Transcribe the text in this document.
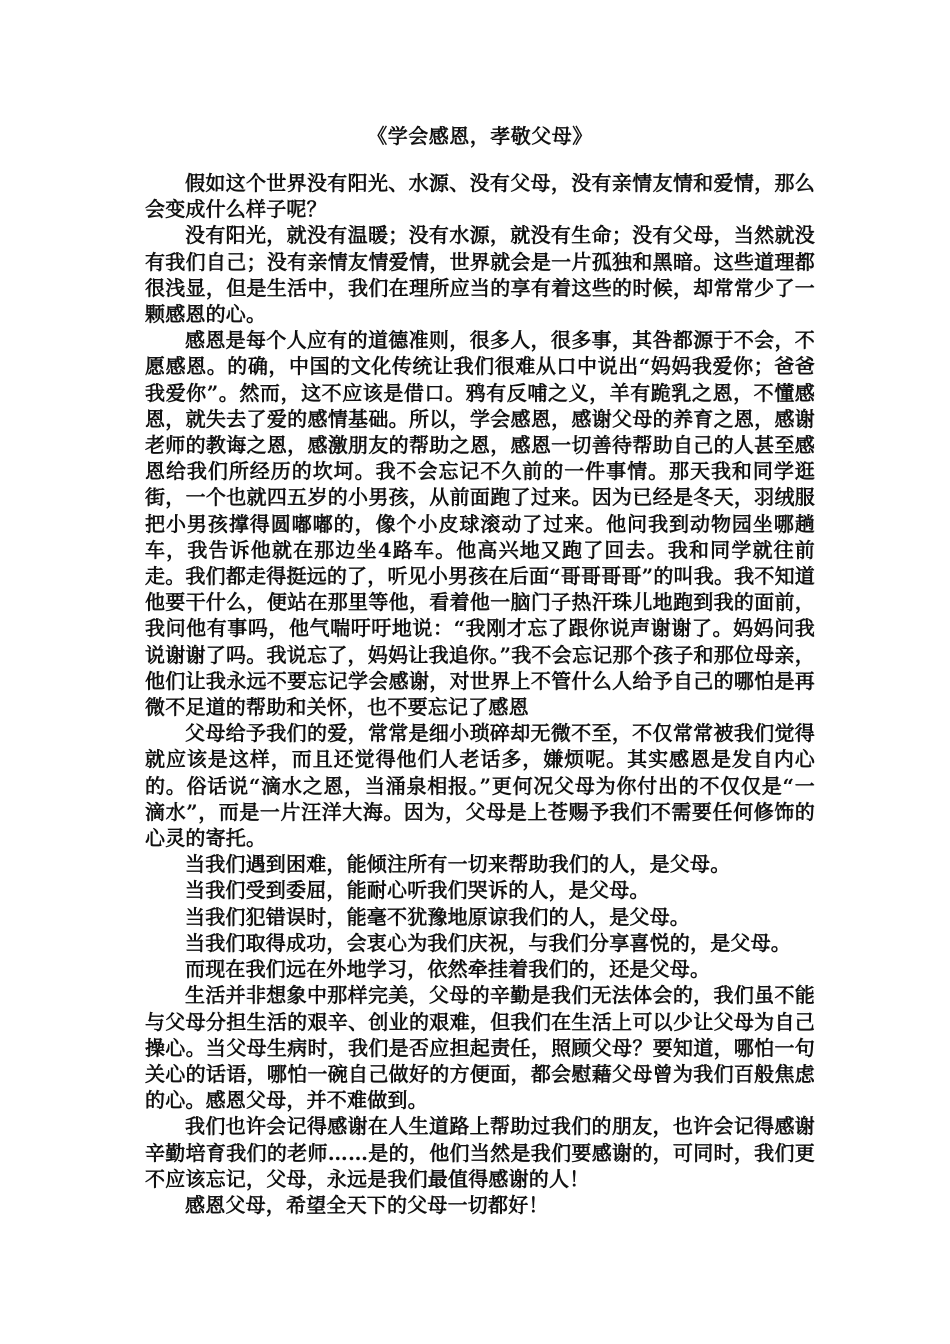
《学会感恩，孝敬父母》

假如这个世界没有阳光、水源、没有父母，没有亲情友情和爱情，那么会变成什么样子呢？

没有阳光，就没有温暖；没有水源，就没有生命；没有父母，当然就没有我们自己；没有亲情友情爱情，世界就会是一片孤独和黑暗。这些道理都很浅显，但是生活中，我们在理所应当的享有着这些的时候，却常常少了一颗感恩的心。

感恩是每个人应有的道德准则，很多人，很多事，其咎都源于不会，不愿感恩。的确，中国的文化传统让我们很难从口中说出“妈妈我爱你；爸爸我爱你”。然而，这不应该是借口。鸦有反哺之义，羊有跪乳之恩，不懂感恩，就失去了爱的感情基础。所以，学会感恩，感谢父母的养育之恩，感谢老师的教诲之恩，感激朋友的帮助之恩，感恩一切善待帮助自己的人甚至感恩给我们所经历的坎坷。我不会忘记不久前的一件事情。那天我和同学逛街，一个也就四五岁的小男孩，从前面跑了过来。因为已经是冬天，羽绒服把小男孩撑得圆嘟嘟的，像个小皮球滚动了过来。他问我到动物园坐哪趟车，我告诉他就在那边坐4路车。他高兴地又跑了回去。我和同学就往前走。我们都走得挺远的了，听见小男孩在后面“哥哥哥哥”的叫我。我不知道他要干什么，便站在那里等他，看着他一脑门子热汗珠儿地跑到我的面前，我问他有事吗，他气喘吁吁地说：“我刚才忘了跟你说声谢谢了。妈妈问我说谢谢了吗。我说忘了，妈妈让我追你。”我不会忘记那个孩子和那位母亲，他们让我永远不要忘记学会感谢，对世界上不管什么人给予自己的哪怕是再微不足道的帮助和关怀，也不要忘记了感恩

父母给予我们的爱，常常是细小琐碎却无微不至，不仅常常被我们觉得就应该是这样，而且还觉得他们人老话多，嫌烦呢。其实感恩是发自内心的。俗话说“滴水之恩，当涌泉相报。”更何况父母为你付出的不仅仅是“一滴水”，而是一片汪洋大海。因为，父母是上苍赐予我们不需要任何修饰的心灵的寄托。

当我们遇到困难，能倾注所有一切来帮助我们的人，是父母。

当我们受到委屈，能耐心听我们哭诉的人，是父母。

当我们犯错误时，能毫不犹豫地原谅我们的人，是父母。

当我们取得成功，会衷心为我们庆祝，与我们分享喜悦的，是父母。

而现在我们远在外地学习，依然牵挂着我们的，还是父母。

生活并非想象中那样完美，父母的辛勤是我们无法体会的，我们虽不能与父母分担生活的艰辛、创业的艰难，但我们在生活上可以少让父母为自己操心。当父母生病时，我们是否应担起责任，照顾父母？要知道，哪怕一句关心的话语，哪怕一碗自己做好的方便面，都会慰藉父母曾为我们百般焦虑的心。感恩父母，并不难做到。

我们也许会记得感谢在人生道路上帮助过我们的朋友，也许会记得感谢辛勤培育我们的老师……是的，他们当然是我们要感谢的，可同时，我们更不应该忘记，父母，永远是我们最值得感谢的人！

感恩父母，希望全天下的父母一切都好！
